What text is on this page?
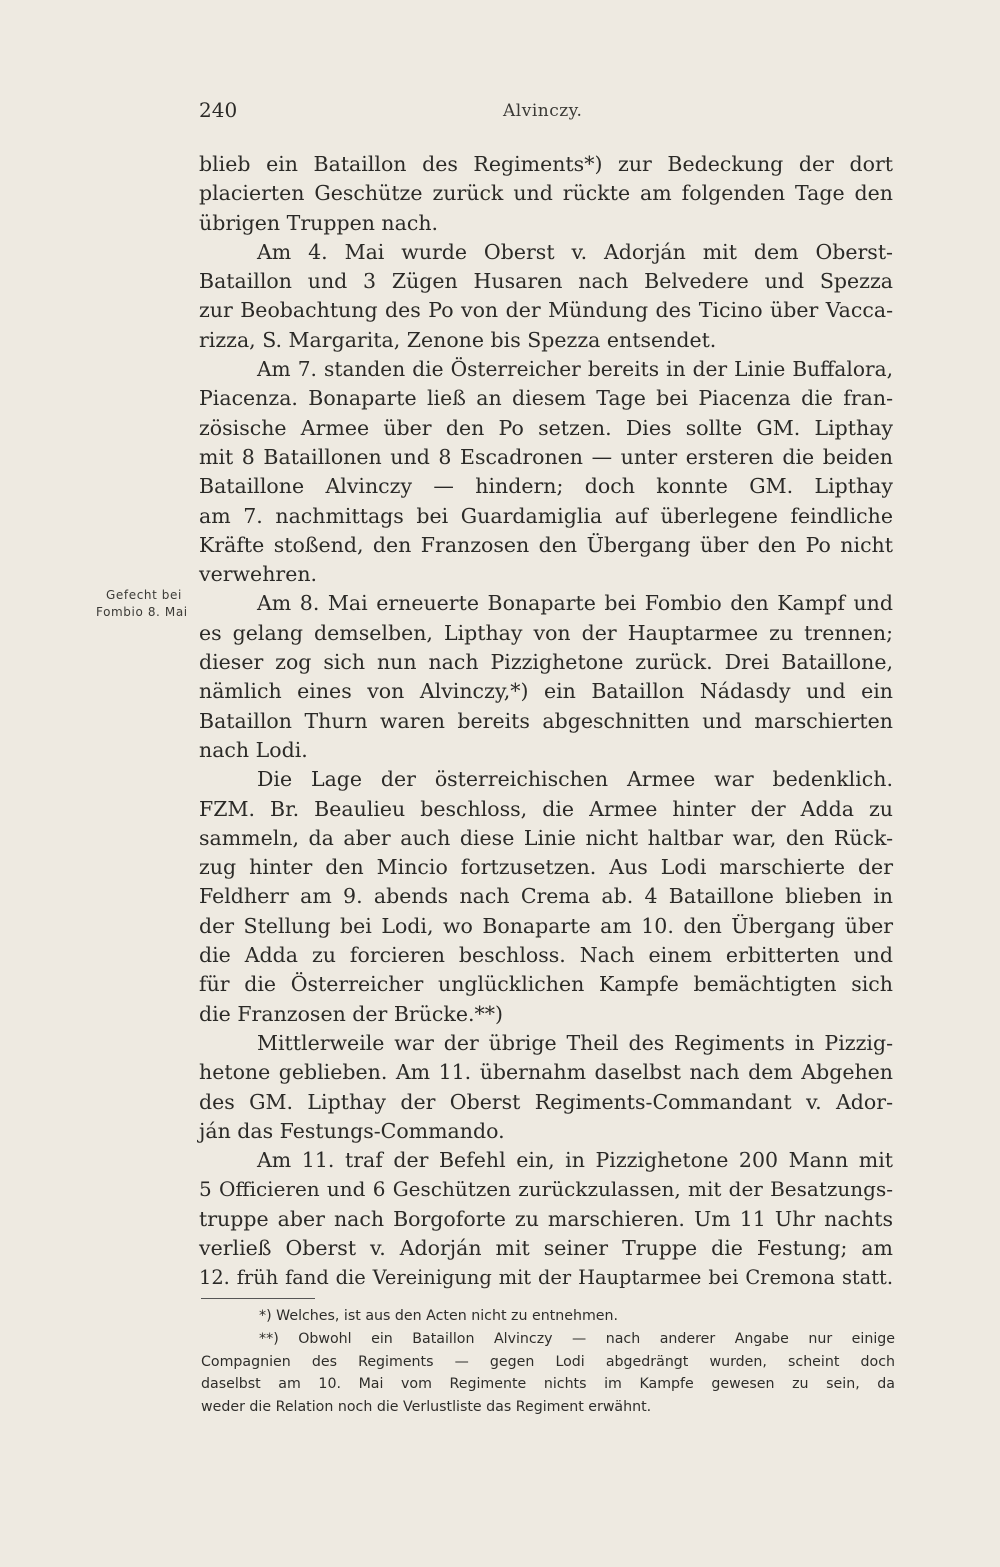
240	Alvinczy.
Gefecht bei
Fombio 8. Mai
blieb ein Bataillon des Regiments*) zur Bedeckung der dort
placierten Geschütze zurück und rückte am folgenden Tage den
übrigen Truppen nach.
Am 4. Mai wurde Oberst v. Adorján mit dem Oberst-
Bataillon und 3 Zügen Husaren nach Belvedere und Spezza
zur Beobachtung des Po von der Mündung des Ticino über Vacca-
rizza, S. Margarita, Zenone bis Spezza entsendet.
Am 7. standen die Österreicher bereits in der Linie Buffalora,
Piacenza. Bonaparte ließ an diesem Tage bei Piacenza die fran-
zösische Armee über den Po setzen. Dies sollte GM. Lipthay
mit 8 Bataillonen und 8 Escadronen — unter ersteren die beiden
Bataillone Alvinczy — hindern; doch konnte GM. Lipthay
am 7. nachmittags bei Guardamiglia auf überlegene feindliche
Kräfte stoßend, den Franzosen den Übergang über den Po nicht
verwehren.
Am 8. Mai erneuerte Bonaparte bei Fombio den Kampf und
es gelang demselben, Lipthay von der Hauptarmee zu trennen;
dieser zog sich nun nach Pizzighetone zurück. Drei Bataillone,
nämlich eines von Alvinczy,*) ein Bataillon Nádasdy und ein
Bataillon Thurn waren bereits abgeschnitten und marschierten
nach Lodi.
Die Lage der österreichischen Armee war bedenklich.
FZM. Br. Beaulieu beschloss, die Armee hinter der Adda zu
sammeln, da aber auch diese Linie nicht haltbar war, den Rück-
zug hinter den Mincio fortzusetzen. Aus Lodi marschierte der
Feldherr am 9. abends nach Crema ab. 4 Bataillone blieben in
der Stellung bei Lodi, wo Bonaparte am 10. den Übergang über
die Adda zu forcieren beschloss. Nach einem erbitterten und
für die Österreicher unglücklichen Kampfe bemächtigten sich
die Franzosen der Brücke.**)
Mittlerweile war der übrige Theil des Regiments in Pizzig-
hetone geblieben. Am 11. übernahm daselbst nach dem Abgehen
des GM. Lipthay der Oberst Regiments-Commandant v. Ador-
ján das Festungs-Commando.
Am 11. traf der Befehl ein, in Pizzighetone 200 Mann mit
5 Officieren und 6 Geschützen zurückzulassen, mit der Besatzungs-
truppe aber nach Borgoforte zu marschieren. Um 11 Uhr nachts
verließ Oberst v. Adorján mit seiner Truppe die Festung; am
12. früh fand die Vereinigung mit der Hauptarmee bei Cremona statt.
*) Welches, ist aus den Acten nicht zu entnehmen.
**) Obwohl ein Bataillon Alvinczy — nach anderer Angabe nur einige
Compagnien des Regiments — gegen Lodi abgedrängt wurden, scheint doch
daselbst am 10. Mai vom Regimente nichts im Kampfe gewesen zu sein, da
weder die Relation noch die Verlustliste das Regiment erwähnt.
